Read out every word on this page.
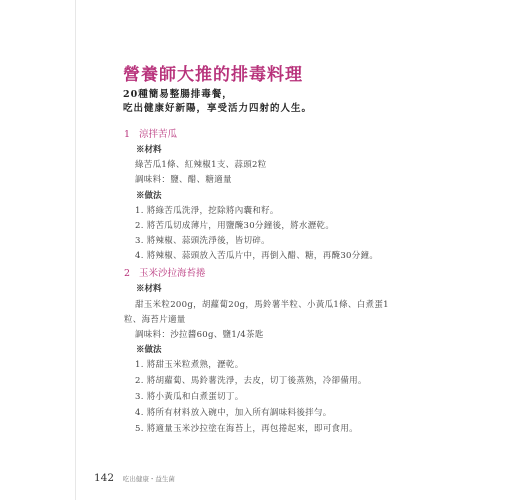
營養師大推的排毒料理
20種簡易整腸排毒餐，
吃出健康好新陽，享受活力四射的人生。
1 涼拌苦瓜
※材料
綠苦瓜1條、紅辣椒1支、蒜頭2粒
調味料：鹽、醋、糖適量
※做法
1. 將綠苦瓜洗淨，挖除將內囊和籽。
2. 將苦瓜切成薄片，用鹽醃30分鐘後，將水瀝乾。
3. 將辣椒、蒜頭洗淨後，皆切碎。
4. 將辣椒、蒜頭放入苦瓜片中，再倒入醋、糖，再醃30分鐘。
2 玉米沙拉海苔捲
※材料
甜玉米粒200g，胡蘿蔔20g，馬鈴薯半粒、小黃瓜1條、白煮蛋1
粒、海苔片適量
調味料：沙拉醬60g、鹽1/4茶匙
※做法
1. 將甜玉米粒煮熟，瀝乾。
2. 將胡蘿蔔、馬鈴薯洗淨，去皮，切丁後蒸熟，冷卻備用。
3. 將小黃瓜和白煮蛋切丁。
4. 將所有材料放入碗中，加入所有調味料後拌勻。
5. 將適量玉米沙拉塗在海苔上，再包捲起來，即可食用。
142 吃出健康・益生菌
